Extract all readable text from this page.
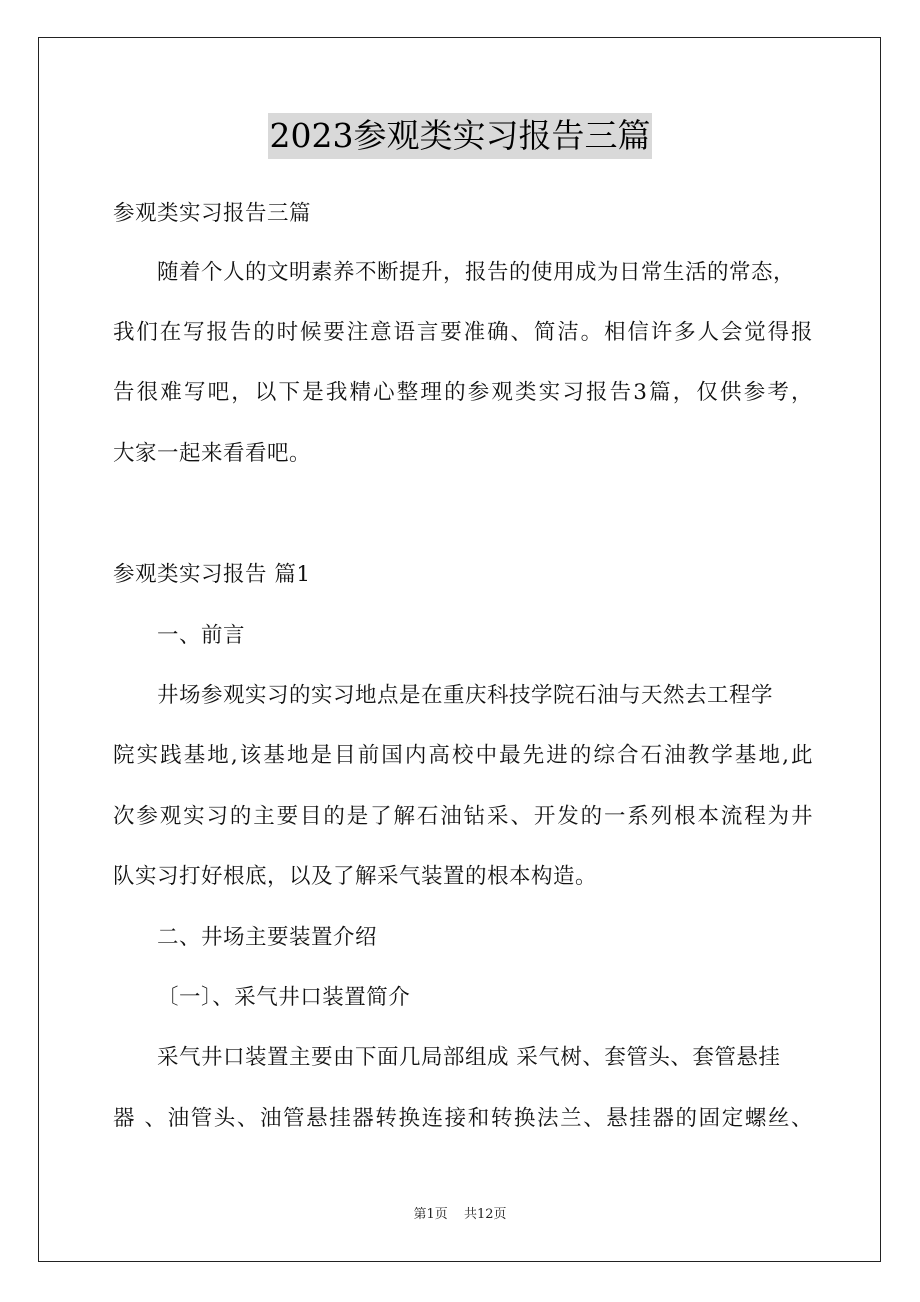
2023参观类实习报告三篇
参观类实习报告三篇
随着个人的文明素养不断提升，报告的使用成为日常生活的常态，
我们在写报告的时候要注意语言要准确、简洁。相信许多人会觉得报
告很难写吧，以下是我精心整理的参观类实习报告3篇，仅供参考，
大家一起来看看吧。
参观类实习报告 篇1
一、前言
井场参观实习的实习地点是在重庆科技学院石油与天然去工程学
院实践基地,该基地是目前国内高校中最先进的综合石油教学基地,此
次参观实习的主要目的是了解石油钻采、开发的一系列根本流程为井
队实习打好根底，以及了解采气装置的根本构造。
二、井场主要装置介绍
〔一〕、采气井口装置简介
采气井口装置主要由下面几局部组成 采气树、套管头、套管悬挂
器 、油管头、油管悬挂器转换连接和转换法兰、悬挂器的固定螺丝、
第1页 共12页
